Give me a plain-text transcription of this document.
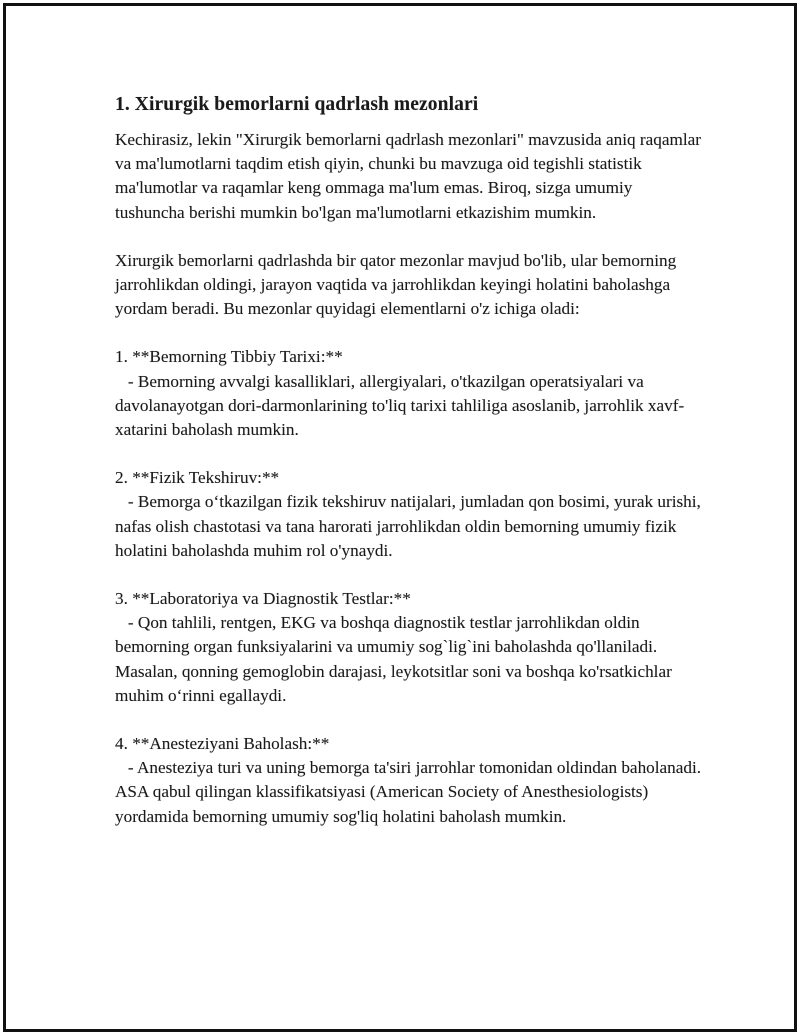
1. Xirurgik bemorlarni qadrlash mezonlari

Kechirasiz, lekin "Xirurgik bemorlarni qadrlash mezonlari" mavzusida aniq raqamlar va ma'lumotlarni taqdim etish qiyin, chunki bu mavzuga oid tegishli statistik ma'lumotlar va raqamlar keng ommaga ma'lum emas. Biroq, sizga umumiy tushuncha berishi mumkin bo'lgan ma'lumotlarni etkazishim mumkin.

Xirurgik bemorlarni qadrlashda bir qator mezonlar mavjud bo'lib, ular bemorning jarrohlikdan oldingi, jarayon vaqtida va jarrohlikdan keyingi holatini baholashga yordam beradi. Bu mezonlar quyidagi elementlarni o'z ichiga oladi:

1. **Bemorning Tibbiy Tarixi:**
- Bemorning avvalgi kasalliklari, allergiyalari, o'tkazilgan operatsiyalari va davolanayotgan dori-darmonlarining to'liq tarixi tahliliga asoslanib, jarrohlik xavf-xatarini baholash mumkin.
2. **Fizik Tekshiruv:**
- Bemorga o‘tkazilgan fizik tekshiruv natijalari, jumladan qon bosimi, yurak urishi, nafas olish chastotasi va tana harorati jarrohlikdan oldin bemorning umumiy fizik holatini baholashda muhim rol o'ynaydi.
3. **Laboratoriya va Diagnostik Testlar:**
- Qon tahlili, rentgen, EKG va boshqa diagnostik testlar jarrohlikdan oldin bemorning organ funksiyalarini va umumiy sog`lig`ini baholashda qo'llaniladi. Masalan, qonning gemoglobin darajasi, leykotsitlar soni va boshqa ko'rsatkichlar muhim o‘rinni egallaydi.
4. **Anesteziyani Baholash:**
- Anesteziya turi va uning bemorga ta'siri jarrohlar tomonidan oldindan baholanadi. ASA qabul qilingan klassifikatsiyasi (American Society of Anesthesiologists) yordamida bemorning umumiy sog'liq holatini baholash mumkin.
